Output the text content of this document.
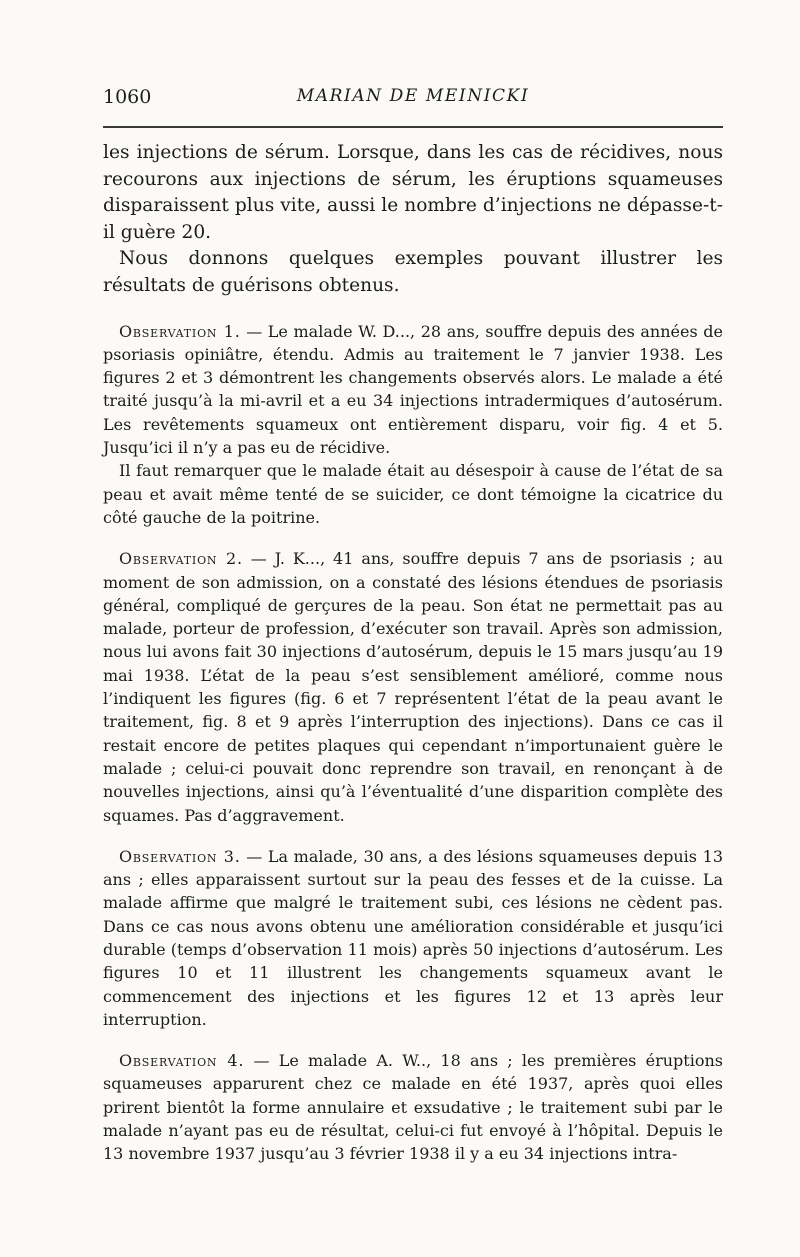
1060	MARIAN DE MEINICKI

les injections de sérum. Lorsque, dans les cas de récidives, nous recourons aux injections de sérum, les éruptions squameuses disparaissent plus vite, aussi le nombre d’injections ne dépasse-t-il guère 20.

Nous donnons quelques exemples pouvant illustrer les résultats de guérisons obtenus.

Observation 1. — Le malade W. D..., 28 ans, souffre depuis des années de psoriasis opiniâtre, étendu. Admis au traitement le 7 janvier 1938. Les figures 2 et 3 démontrent les changements observés alors. Le malade a été traité jusqu’à la mi-avril et a eu 34 injections intradermiques d’autosérum. Les revêtements squameux ont entièrement disparu, voir fig. 4 et 5. Jusqu’ici il n’y a pas eu de récidive.

Il faut remarquer que le malade était au désespoir à cause de l’état de sa peau et avait même tenté de se suicider, ce dont témoigne la cicatrice du côté gauche de la poitrine.

Observation 2. — J. K..., 41 ans, souffre depuis 7 ans de psoriasis ; au moment de son admission, on a constaté des lésions étendues de psoriasis général, compliqué de gerçures de la peau. Son état ne permettait pas au malade, porteur de profession, d’exécuter son travail. Après son admission, nous lui avons fait 30 injections d’autosérum, depuis le 15 mars jusqu’au 19 mai 1938. L’état de la peau s’est sensiblement amélioré, comme nous l’indiquent les figures (fig. 6 et 7 représentent l’état de la peau avant le traitement, fig. 8 et 9 après l’interruption des injections). Dans ce cas il restait encore de petites plaques qui cependant n’importunaient guère le malade ; celui-ci pouvait donc reprendre son travail, en renonçant à de nouvelles injections, ainsi qu’à l’éventualité d’une disparition complète des squames. Pas d’aggravement.

Observation 3. — La malade, 30 ans, a des lésions squameuses depuis 13 ans ; elles apparaissent surtout sur la peau des fesses et de la cuisse. La malade affirme que malgré le traitement subi, ces lésions ne cèdent pas. Dans ce cas nous avons obtenu une amélioration considérable et jusqu’ici durable (temps d’observation 11 mois) après 50 injections d’autosérum. Les figures 10 et 11 illustrent les changements squameux avant le commencement des injections et les figures 12 et 13 après leur interruption.

Observation 4. — Le malade A. W.., 18 ans ; les premières éruptions squameuses apparurent chez ce malade en été 1937, après quoi elles prirent bientôt la forme annulaire et exsudative ; le traitement subi par le malade n’ayant pas eu de résultat, celui-ci fut envoyé à l’hôpital. Depuis le 13 novembre 1937 jusqu’au 3 février 1938 il y a eu 34 injections intra-
